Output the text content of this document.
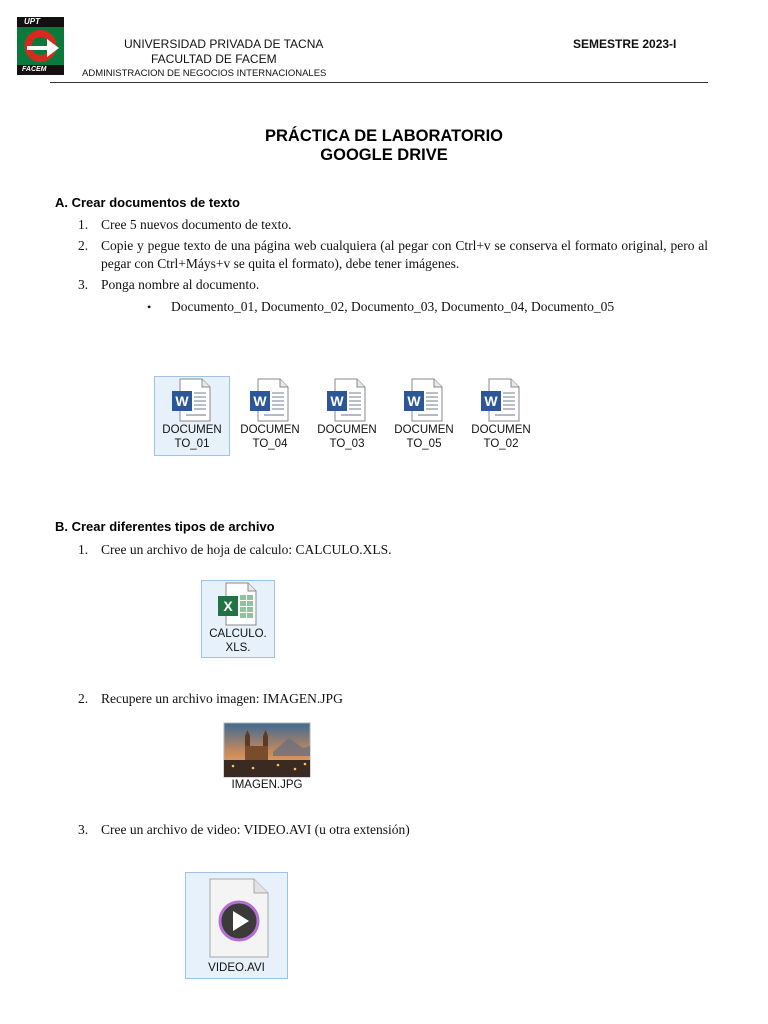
UPT
FACEM
UNIVERSIDAD PRIVADA DE TACNA
FACULTAD DE FACEM
ADMINISTRACION DE NEGOCIOS INTERNACIONALES
SEMESTRE 2023-I
PRÁCTICA DE LABORATORIO
GOOGLE DRIVE
A. Crear documentos de texto
1. Cree 5 nuevos documento de texto.
2. Copie y pegue texto de una página web cualquiera (al pegar con Ctrl+v se conserva el formato original, pero al pegar con Ctrl+Máys+v se quita el formato), debe tener imágenes.
3. Ponga nombre al documento.
• Documento_01, Documento_02, Documento_03, Documento_04, Documento_05
W
DOCUMEN
TO_01
W
DOCUMEN
TO_04
W
DOCUMEN
TO_03
W
DOCUMEN
TO_05
W
DOCUMEN
TO_02
B. Crear diferentes tipos de archivo
1. Cree un archivo de hoja de calculo: CALCULO.XLS.
X
CALCULO.
XLS.
2. Recupere un archivo imagen: IMAGEN.JPG
IMAGEN.JPG
3. Cree un archivo de video: VIDEO.AVI (u otra extensión)
VIDEO.AVI
